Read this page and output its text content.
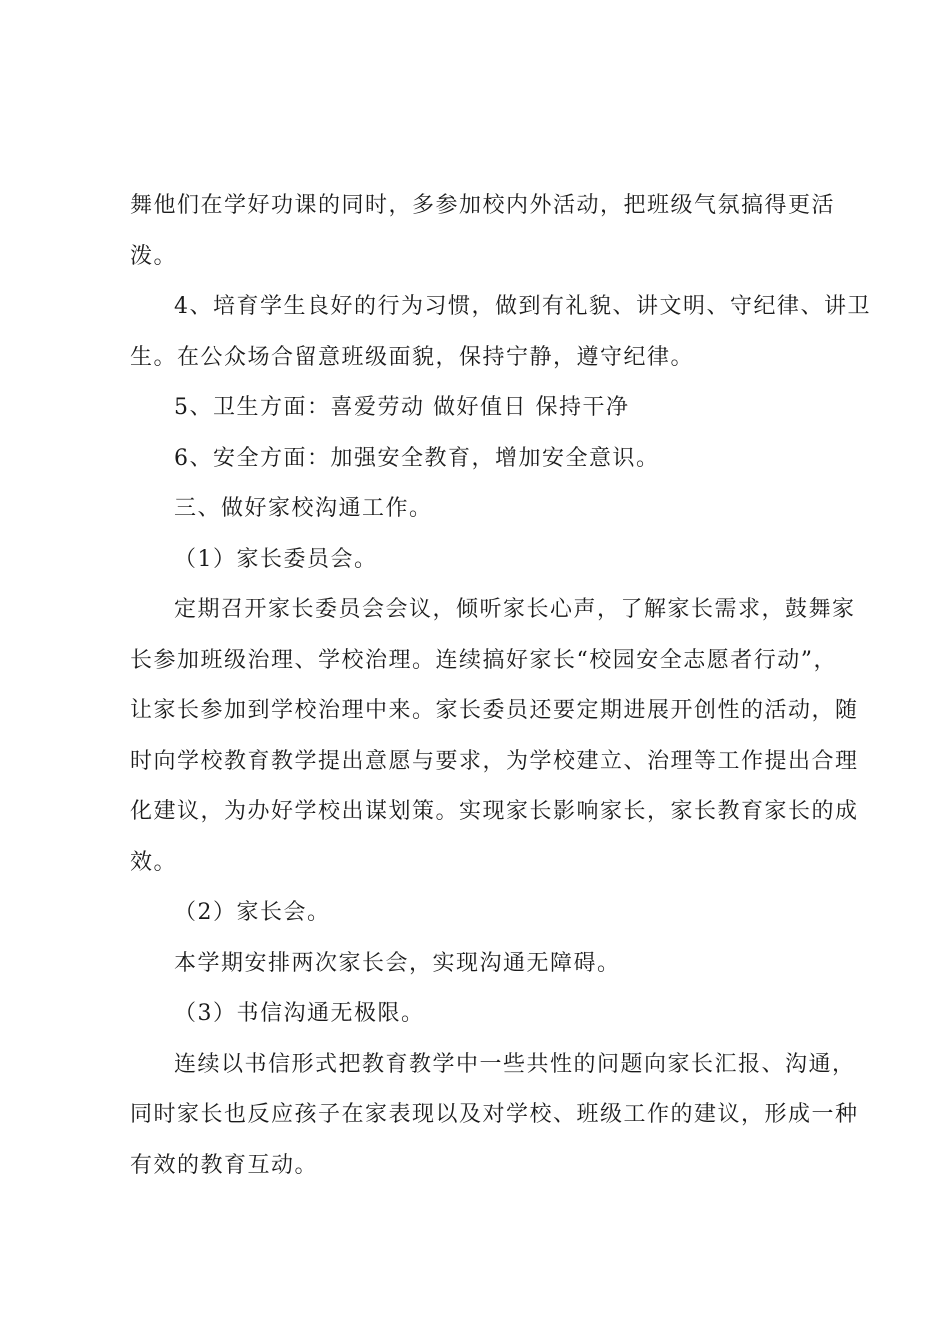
舞他们在学好功课的同时，多参加校内外活动，把班级气氛搞得更活
泼。
4、培育学生良好的行为习惯，做到有礼貌、讲文明、守纪律、讲卫
生。在公众场合留意班级面貌，保持宁静，遵守纪律。
5、卫生方面：喜爱劳动 做好值日 保持干净
6、安全方面：加强安全教育，增加安全意识。
三、做好家校沟通工作。
（1）家长委员会。
定期召开家长委员会会议，倾听家长心声，了解家长需求，鼓舞家
长参加班级治理、学校治理。连续搞好家长“校园安全志愿者行动”，
让家长参加到学校治理中来。家长委员还要定期进展开创性的活动，随
时向学校教育教学提出意愿与要求，为学校建立、治理等工作提出合理
化建议，为办好学校出谋划策。实现家长影响家长，家长教育家长的成
效。
（2）家长会。
本学期安排两次家长会，实现沟通无障碍。
（3）书信沟通无极限。
连续以书信形式把教育教学中一些共性的问题向家长汇报、沟通，
同时家长也反应孩子在家表现以及对学校、班级工作的建议，形成一种
有效的教育互动。
